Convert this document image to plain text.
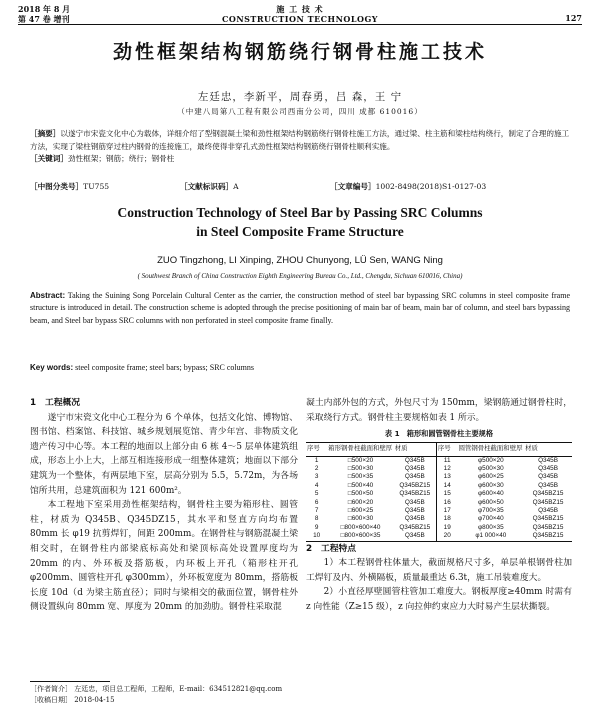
2018 年 8 月
第 47 卷 增刊
施 工 技 术
CONSTRUCTION TECHNOLOGY	127
劲性框架结构钢筋绕行钢骨柱施工技术
左廷忠，李新平，周春勇，吕 森，王 宁
（中建八局第八工程有限公司西南分公司，四川 成都 610016）
［摘要］以遂宁市宋瓷文化中心为载体，详细介绍了型钢混凝土梁和劲性框架结构钢筋绕行钢骨柱施工方法，通过梁、柱主筋和梁柱结构绕行，制定了合理的施工方法，实现了梁柱钢筋穿过柱内钢骨的连接施工，最终使得非穿孔式劲性框架结构钢筋绕行钢骨柱顺利实施。
［关键词］劲性框架；钢筋；绕行；钢骨柱
［中图分类号］TU755	［文献标识码］A	［文章编号］1002-8498(2018)S1-0127-03
Construction Technology of Steel Bar by Passing SRC Columns
in Steel Composite Frame Structure
ZUO Tingzhong, LI Xinping, ZHOU Chunyong, LÜ Sen, WANG Ning
( Southwest Branch of China Construction Eighth Engineering Bureau Co., Ltd., Chengdu, Sichuan 610016, China)
Abstract: Taking the Suining Song Porcelain Cultural Center as the carrier, the construction method of steel bar bypassing SRC columns in steel composite frame structure is introduced in detail. The construction scheme is adopted through the precise positioning of main bar of beam, main bar of column, and steel bars bypassing beam, and Steel bar bypass SRC columns with non perforated in steel composite frame finally.
Key words: steel composite frame; steel bars; bypass; SRC columns
1　工程概况

遂宁市宋瓷文化中心工程分为 6 个单体，包括文化馆、博物馆、图书馆、档案馆、科技馆、城乡规划展览馆、青少年宫、非物质文化遗产传习中心等。本工程的地面以上部分由 6 栋 4～5 层单体建筑组成，形态上小上大，上部互相连接形成一组整体建筑；地面以下部分建筑为一个整体，有两层地下室，层高分别为 5.5，5.72m，为各场馆所共用，总建筑面积为 121 600m²。

本工程地下室采用劲性框架结构，钢骨柱主要为箱形柱、圆管柱，材质为 Q345B、Q345DZ15，其水平和竖直方向均布置 80mm 长 φ19 抗剪焊钉，间距 200mm。在钢骨柱与钢筋混凝土梁相交时，在钢骨柱内部梁底标高处和梁顶标高处设置厚度均为 20mm 的内、外环板及搭筋板，内环板上开孔（箱形柱开孔 φ200mm、圆管柱开孔 φ300mm），外环板宽度为 80mm，搭筋板长度 10d（d 为梁主筋直径）；同时与梁相交的截面位置，钢骨柱外侧设置纵向 80mm 宽、厚度为 20mm 的加劲肋。钢骨柱采取混

凝土内部外包的方式，外包尺寸为 150mm，梁钢筋通过钢骨柱时，采取绕行方式。钢骨柱主要规格如表 1 所示。

表 1　箱形和圆管钢骨柱主要规格
序号	箱形钢骨柱截面和壁厚	材质	序号	圆管钢骨柱截面和壁厚	材质
1	□500×20	Q345B	11	φ500×20	Q345B
2	□500×30	Q345B	12	φ500×30	Q345B
3	□500×35	Q345B	13	φ600×25	Q345B
4	□500×40	Q345BZ15	14	φ600×30	Q345B
5	□500×50	Q345BZ15	15	φ600×40	Q345BZ15
6	□600×20	Q345B	16	φ600×50	Q345BZ15
7	□600×25	Q345B	17	φ700×35	Q345B
8	□600×30	Q345B	18	φ700×40	Q345BZ15
9	□800×600×40	Q345BZ15	19	φ800×35	Q345BZ15
10	□800×600×35	Q345B	20	φ1 000×40	Q345BZ15
2　工程特点

1）本工程钢骨柱体量大，截面规格尺寸多，单层单根钢骨柱加工焊钉及内、外横隔板，质量最重达 6.3t，施工吊装难度大。

2）小直径厚壁圆管柱管加工难度大。钢板厚度≥40mm 时需有 z 向性能（Z≥15 级），z 向拉伸约束应力大时易产生层状撕裂。

［作者简介］ 左廷忠，项目总工程师，工程师，E-mail：634512821@qq.com
［收稿日期］ 2018-04-15
